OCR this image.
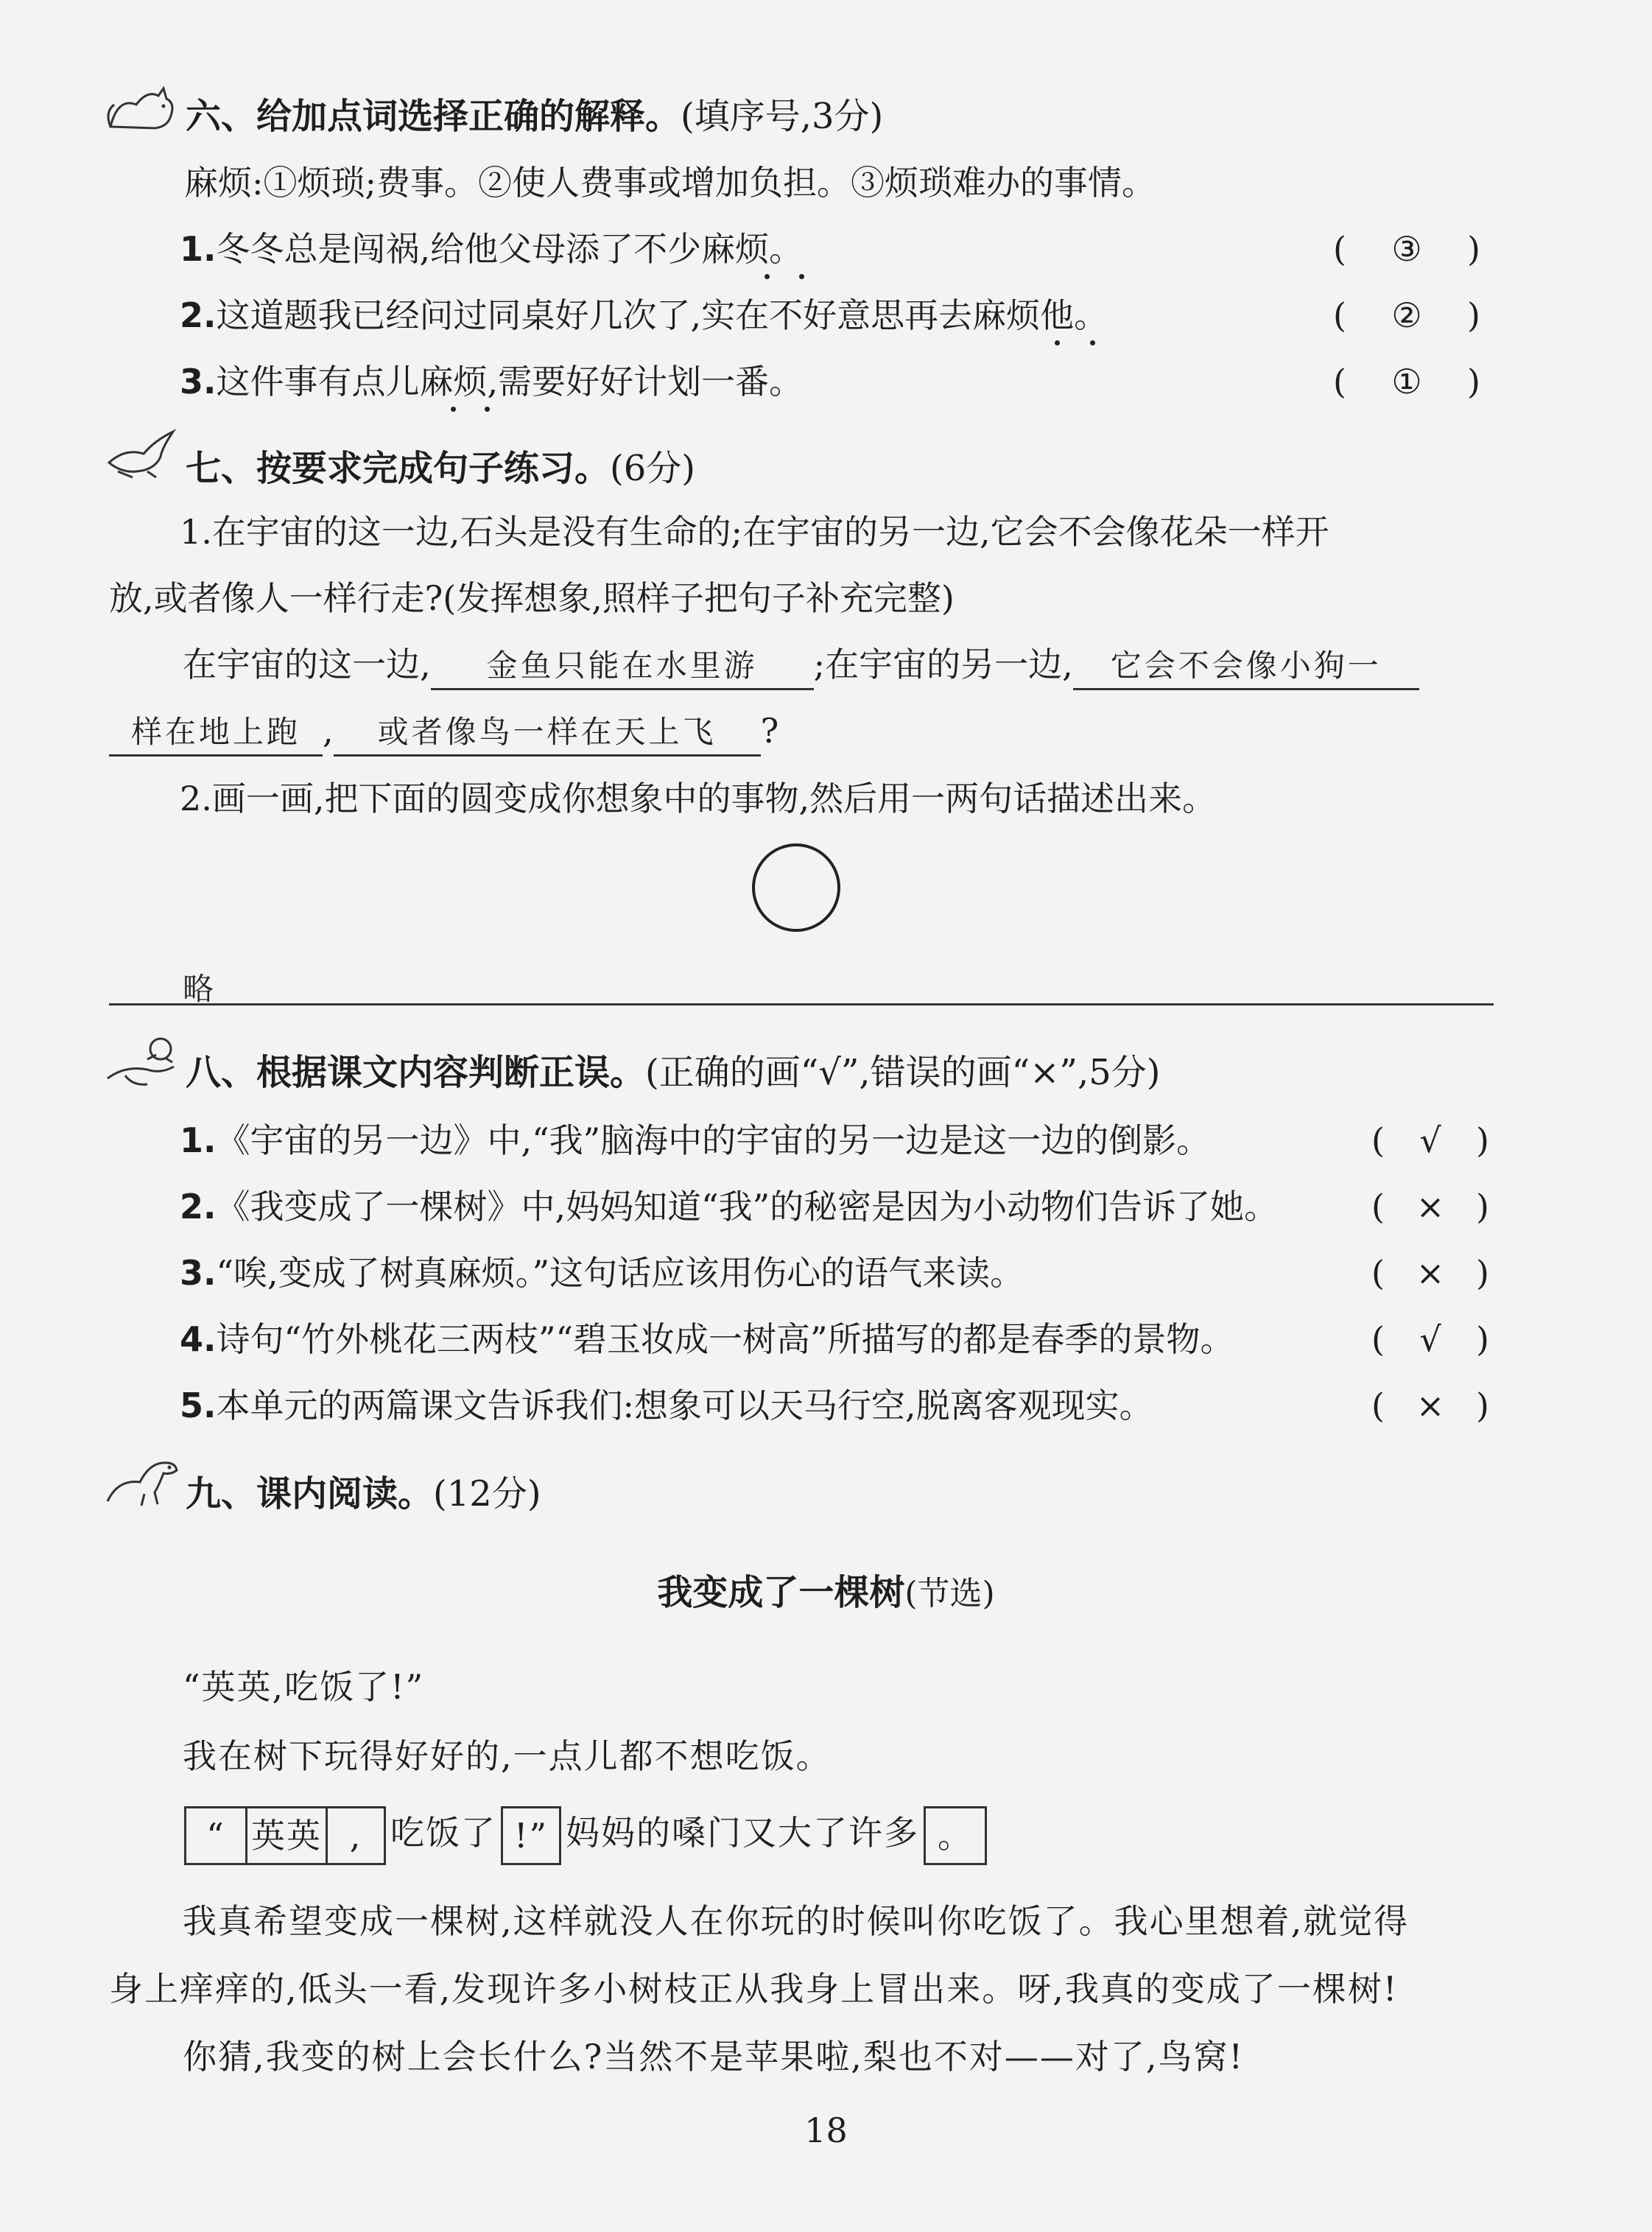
六、给加点词选择正确的解释。(填序号,3分)
麻烦:①烦琐;费事。②使人费事或增加负担。③烦琐难办的事情。
1.冬冬总是闯祸,给他父母添了不少麻烦。	(	③	)
2.这道题我已经问过同桌好几次了,实在不好意思再去麻烦他。	(	②	)
3.这件事有点儿麻烦,需要好好计划一番。	(	①	)
七、按要求完成句子练习。(6分)
1.在宇宙的这一边,石头是没有生命的;在宇宙的另一边,它会不会像花朵一样开
放,或者像人一样行走?(发挥想象,照样子把句子补充完整)
在宇宙的这一边, 金鱼只能在水里游 ;在宇宙的另一边, 它会不会像小狗一
样在地上跑 , 或者像鸟一样在天上飞 ?
2.画一画,把下面的圆变成你想象中的事物,然后用一两句话描述出来。
略
八、根据课文内容判断正误。(正确的画“√”,错误的画“×”,5分)
1.《宇宙的另一边》中,“我”脑海中的宇宙的另一边是这一边的倒影。	(	√	)
2.《我变成了一棵树》中,妈妈知道“我”的秘密是因为小动物们告诉了她。	( × )
3.“唉,变成了树真麻烦。”这句话应该用伤心的语气来读。	( × )
4.诗句“竹外桃花三两枝”“碧玉妆成一树高”所描写的都是春季的景物。	(	√	)
5.本单元的两篇课文告诉我们:想象可以天马行空,脱离客观现实。	( × )
九、课内阅读。(12分)
我变成了一棵树(节选)
“英英,吃饭了!”
我在树下玩得好好的,一点儿都不想吃饭。
“ 英英 , 吃饭了 !” 妈妈的嗓门又大了许多 。
我真希望变成一棵树,这样就没人在你玩的时候叫你吃饭了。我心里想着,就觉得
身上痒痒的,低头一看,发现许多小树枝正从我身上冒出来。呀,我真的变成了一棵树!
你猜,我变的树上会长什么?当然不是苹果啦,梨也不对——对了,鸟窝!
18
